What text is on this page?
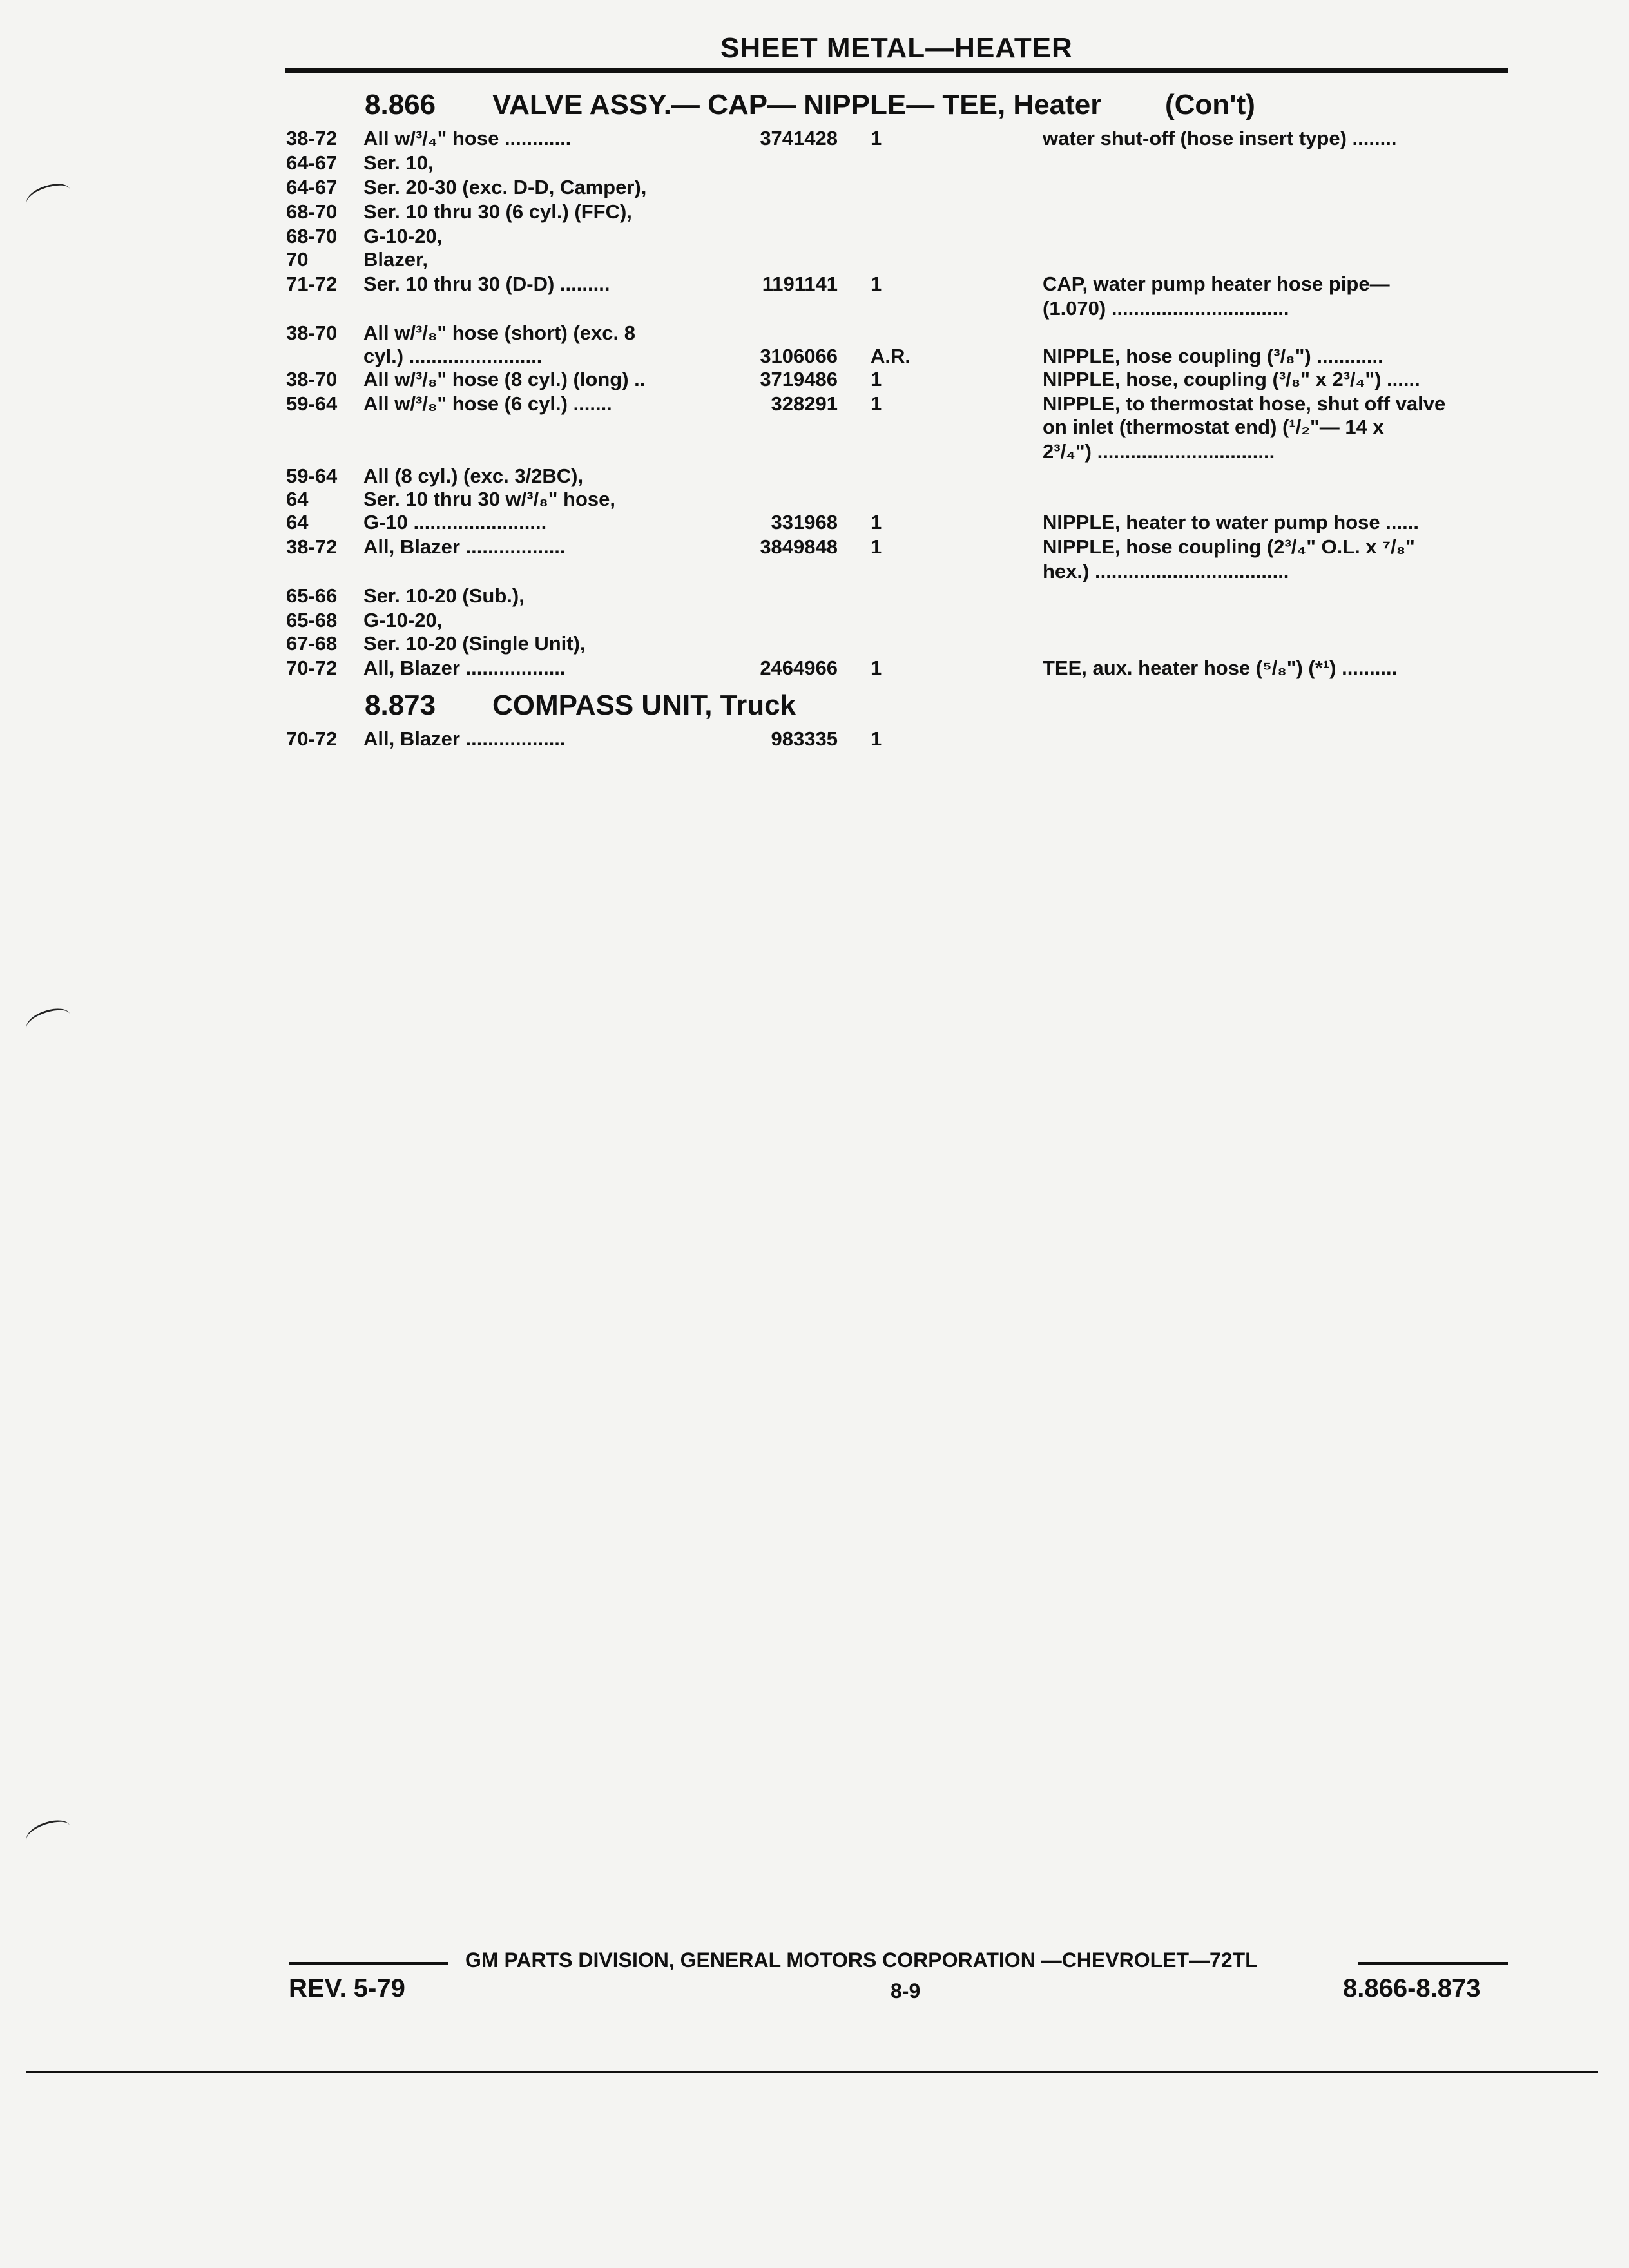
SHEET METAL—HEATER
8.866 VALVE ASSY.— CAP— NIPPLE— TEE, Heater (Con't)
38-72 All w/³/₄" hose ............	3741428 1	water shut-off (hose insert type) ........
64-67 Ser. 10,
64-67 Ser. 20-30 (exc. D-D, Camper),
68-70 Ser. 10 thru 30 (6 cyl.) (FFC),
68-70 G-10-20,
70	Blazer,
71-72 Ser. 10 thru 30 (D-D) .........	1191141 1	CAP, water pump heater hose pipe—
(1.070) ................................
38-70 All w/³/₈" hose (short) (exc. 8
cyl.) ........................	3106066 A.R.	NIPPLE, hose coupling (³/₈") ............
38-70 All w/³/₈" hose (8 cyl.) (long) ..	3719486 1	NIPPLE, hose, coupling (³/₈" x 2³/₄") ......
59-64 All w/³/₈" hose (6 cyl.) .......	328291 1	NIPPLE, to thermostat hose, shut off valve
on inlet (thermostat end) (¹/₂"— 14 x
2³/₄") ................................
59-64 All (8 cyl.) (exc. 3/2BC),
64	Ser. 10 thru 30 w/³/₈" hose,
64	G-10 ........................	331968 1	NIPPLE, heater to water pump hose ......
38-72 All, Blazer ..................	3849848 1	NIPPLE, hose coupling (2³/₄" O.L. x ⁷/₈"
hex.) ...................................
65-66 Ser. 10-20 (Sub.),
65-68 G-10-20,
67-68 Ser. 10-20 (Single Unit),
70-72 All, Blazer ..................	2464966 1	TEE, aux. heater hose (⁵/₈") (*¹) ..........
8.873 COMPASS UNIT, Truck
70-72 All, Blazer ..................	983335 1
GM PARTS DIVISION, GENERAL MOTORS CORPORATION —CHEVROLET—72TL
REV. 5-79	8-9	8.866-8.873
